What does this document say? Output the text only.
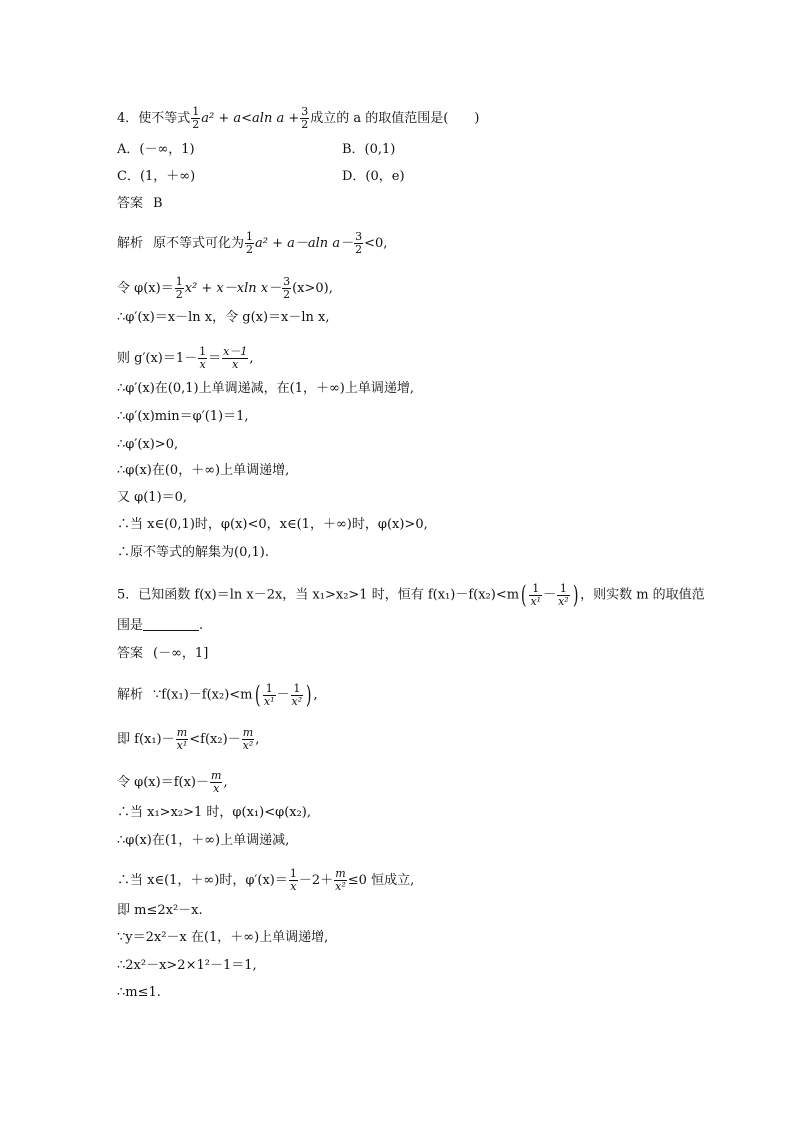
4．使不等式 $\frac{1}{2} a^2 + a<aln$ $a + \frac{3}{2}$ 成立的 a 的取值范围是(　　)
A．(－∞，1)	B．(0,1)
C．(1，＋∞)	D．(0，e)
答案 B
解析 原不等式可化为 $\frac{1}{2} a^2 + a-aln$ $a- \frac{3}{2} <0$,
令 $\varphi(x)= \frac{1}{2} x^2 + x-xln$ $x- \frac{3}{2} (x>0)$,
∴φ′(x)＝x－ln x，令 g(x)＝x－ln x,
则 $g'(x)=1- \frac{1}{x} = \frac{x-1}{x}$ ,
∴φ′(x)在(0,1)上单调递减，在(1，＋∞)上单调递增,
∴φ′(x)min＝φ′(1)＝1,
∴φ′(x)>0,
∴φ(x)在(0，＋∞)上单调递增,
又 φ(1)＝0,
∴当 x∈(0,1)时，φ(x)<0，x∈(1，＋∞)时，φ(x)>0,
∴原不等式的解集为(0,1).
5．已知函数 f(x)＝ln x－2x，当 x₁>x₂>1 时，恒有 $f(x_1)-f(x_2)<m( \frac{1}{\text{x¹}} - \frac{1}{\text{x²}}$ ) ，则实数 m 的取值范
围是	.
答案 (－∞，1]
解析 ∵f(x₁)－f(x₂)<m( $\frac{1}{\text{x¹}} - \frac{1}{\text{x²}}$ ) ,
即 $f(x_1)- \frac{m}{\text{x¹}} <f(x_2)- \frac{m}{\text{x²}}$ ,
令 $\varphi(x)=f(x)- \frac{m}{x}$ ,
∴当 x₁>x₂>1 时，φ(x₁)<φ(x₂),
∴φ(x)在(1，＋∞)上单调递减,
∴当 x∈(1，＋∞)时，$\varphi'(x)= \frac{1}{x} -2+ \frac{m}{\text{x²}} \le 0$ 恒成立,
即 m≤2x²－x.
∵y＝2x²－x 在(1，＋∞)上单调递增,
∴2x²－x>2×1²－1＝1,
∴m≤1.
